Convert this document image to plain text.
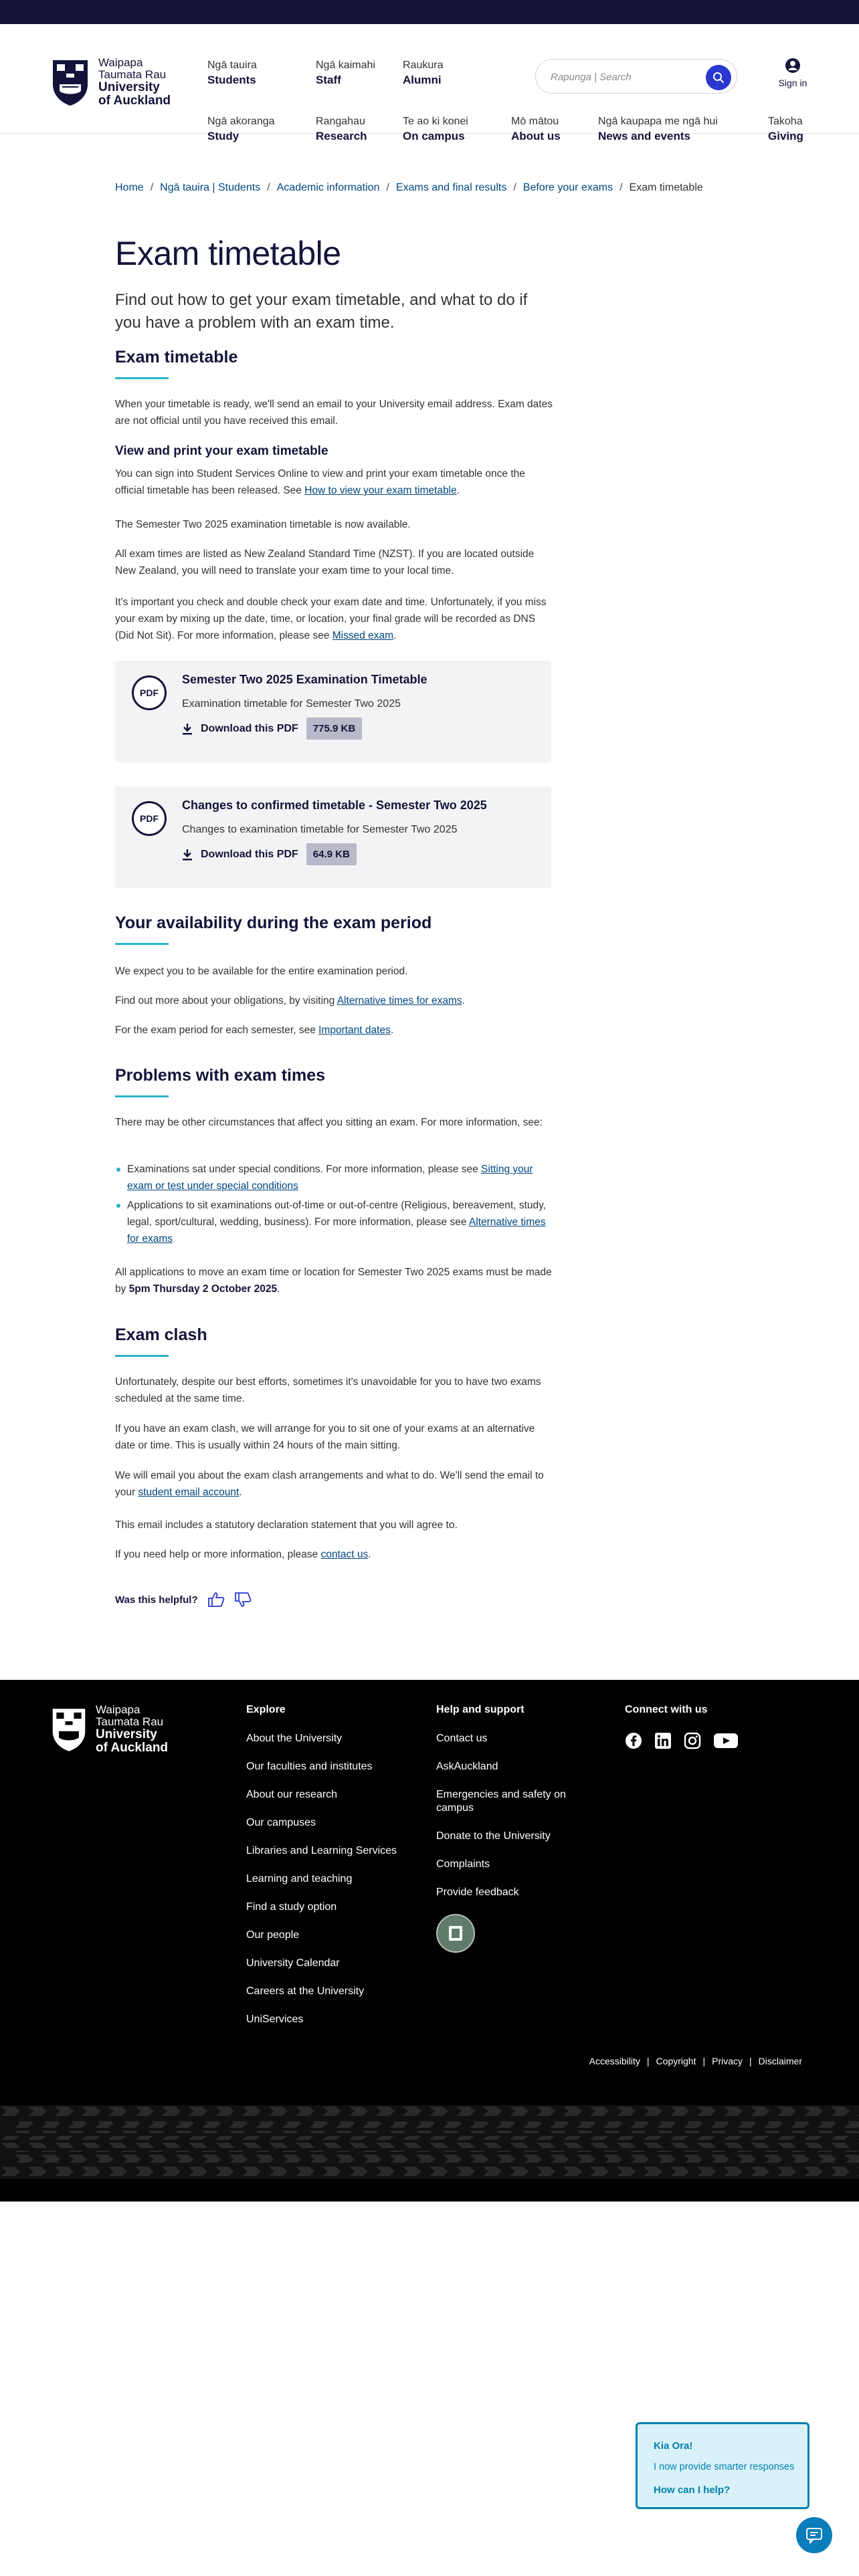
Waipapa
Taumata Rau
University
of Auckland
Ngā tauira
Students
Ngā kaimahi
Staff
Raukura
Alumni
Ngā akoranga
Study
Rangahau
Research
Te ao ki konei
On campus
Mō mātou
About us
Ngā kaupapa me ngā hui
News and events
Takoha
Giving
Rapunga | Search
Sign in
Home / Ngā tauira | Students / Academic information / Exams and final results / Before your exams / Exam timetable
Exam timetable

Find out how to get your exam timetable, and what to do if you have a problem with an exam time.

Exam timetable

When your timetable is ready, we'll send an email to your University email address. Exam dates are not official until you have received this email.

View and print your exam timetable

You can sign into Student Services Online to view and print your exam timetable once the official timetable has been released. See How to view your exam timetable.

The Semester Two 2025 examination timetable is now available.

All exam times are listed as New Zealand Standard Time (NZST). If you are located outside New Zealand, you will need to translate your exam time to your local time.

It's important you check and double check your exam date and time. Unfortunately, if you miss your exam by mixing up the date, time, or location, your final grade will be recorded as DNS (Did Not Sit). For more information, please see Missed exam.

PDF
Semester Two 2025 Examination Timetable
Examination timetable for Semester Two 2025
Download this PDF	775.9 KB
PDF
Changes to confirmed timetable - Semester Two 2025
Changes to examination timetable for Semester Two 2025
Download this PDF	64.9 KB
Your availability during the exam period

We expect you to be available for the entire examination period.

Find out more about your obligations, by visiting Alternative times for exams.

For the exam period for each semester, see Important dates.

Problems with exam times

There may be other circumstances that affect you sitting an exam. For more information, see:

Examinations sat under special conditions. For more information, please see Sitting your exam or test under special conditions
Applications to sit examinations out-of-time or out-of-centre (Religious, bereavement, study, legal, sport/cultural, wedding, business). For more information, please see Alternative times for exams

All applications to move an exam time or location for Semester Two 2025 exams must be made by 5pm Thursday 2 October 2025.

Exam clash

Unfortunately, despite our best efforts, sometimes it's unavoidable for you to have two exams scheduled at the same time.

If you have an exam clash, we will arrange for you to sit one of your exams at an alternative date or time. This is usually within 24 hours of the main sitting.

We will email you about the exam clash arrangements and what to do. We'll send the email to your student email account.

This email includes a statutory declaration statement that you will agree to.

If you need help or more information, please contact us.

Was this helpful?
Waipapa
Taumata Rau
University
of Auckland
Explore
About the University
Our faculties and institutes
About our research
Our campuses
Libraries and Learning Services
Learning and teaching
Find a study option
Our people
University Calendar
Careers at the University
UniServices
Help and support
Contact us
AskAuckland
Emergencies and safety on campus
Donate to the University
Complaints
Provide feedback
Connect with us
Accessibility | Copyright | Privacy | Disclaimer
Kia Ora!
I now provide smarter responses
How can I help?
